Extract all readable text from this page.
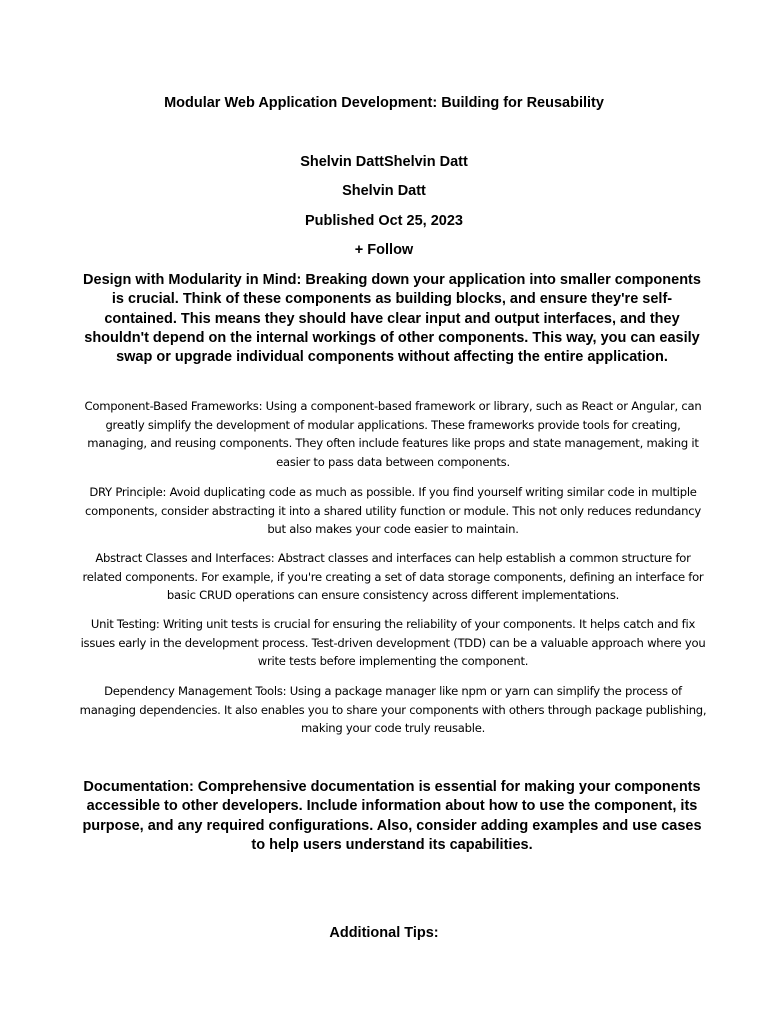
Modular Web Application Development: Building for Reusability

Shelvin DattShelvin Datt

Shelvin Datt

Published Oct 25, 2023

+ Follow

Design with Modularity in Mind: Breaking down your application into smaller components is crucial. Think of these components as building blocks, and ensure they're self-contained. This means they should have clear input and output interfaces, and they shouldn't depend on the internal workings of other components. This way, you can easily swap or upgrade individual components without affecting the entire application.

Component-Based Frameworks: Using a component-based framework or library, such as React or Angular, can greatly simplify the development of modular applications. These frameworks provide tools for creating, managing, and reusing components. They often include features like props and state management, making it easier to pass data between components.

DRY Principle: Avoid duplicating code as much as possible. If you find yourself writing similar code in multiple components, consider abstracting it into a shared utility function or module. This not only reduces redundancy but also makes your code easier to maintain.

Abstract Classes and Interfaces: Abstract classes and interfaces can help establish a common structure for related components. For example, if you're creating a set of data storage components, defining an interface for basic CRUD operations can ensure consistency across different implementations.

Unit Testing: Writing unit tests is crucial for ensuring the reliability of your components. It helps catch and fix issues early in the development process. Test-driven development (TDD) can be a valuable approach where you write tests before implementing the component.

Dependency Management Tools: Using a package manager like npm or yarn can simplify the process of managing dependencies. It also enables you to share your components with others through package publishing, making your code truly reusable.

Documentation: Comprehensive documentation is essential for making your components accessible to other developers. Include information about how to use the component, its purpose, and any required configurations. Also, consider adding examples and use cases to help users understand its capabilities.

Additional Tips:
